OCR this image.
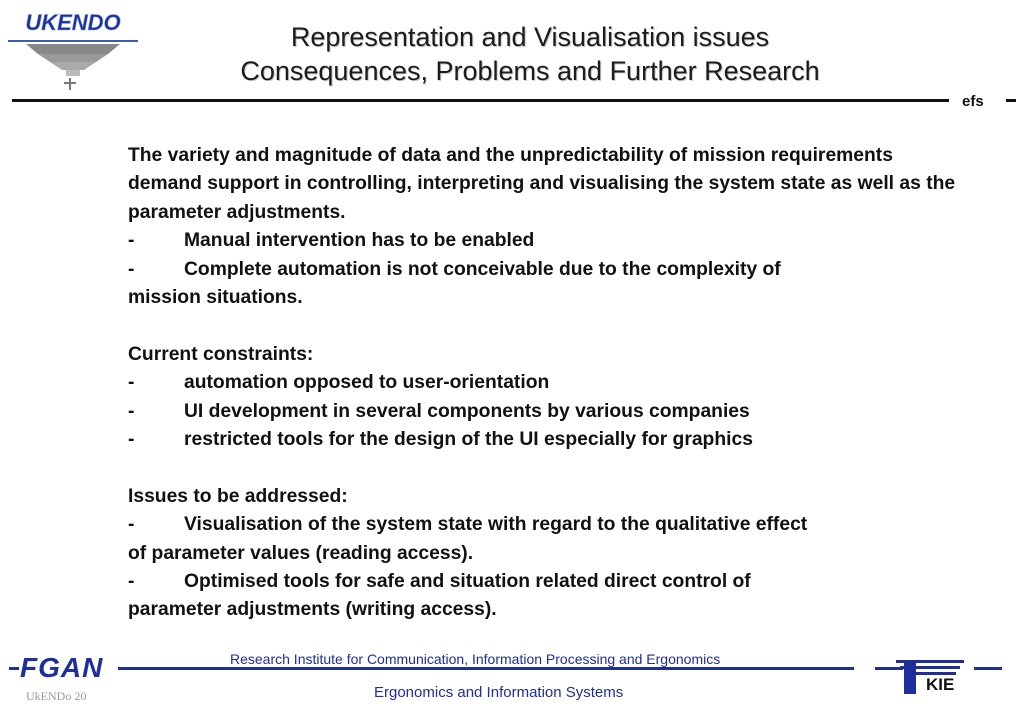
UKENDO	Representation and Visualisation issues
Consequences, Problems and Further Research
efs

The variety and magnitude of data and the unpredictability of mission requirements demand support in controlling, interpreting and visualising the system state as well as the parameter adjustments.

-	Manual intervention has to be enabled
-	Complete automation is not conceivable due to the complexity of
mission situations.
Current constraints:
-	automation opposed to user-orientation
-	UI development in several components by various companies
-	restricted tools for the design of the UI especially for graphics
Issues to be addressed:
-	Visualisation of the system state with regard to the qualitative effect
of parameter values (reading access).
-	Optimised tools for safe and situation related direct control of
parameter adjustments (writing access).
FGAN	Research Institute for Communication, Information Processing and Ergonomics
Ergonomics and Information Systems
UkENDo 20
KIE
